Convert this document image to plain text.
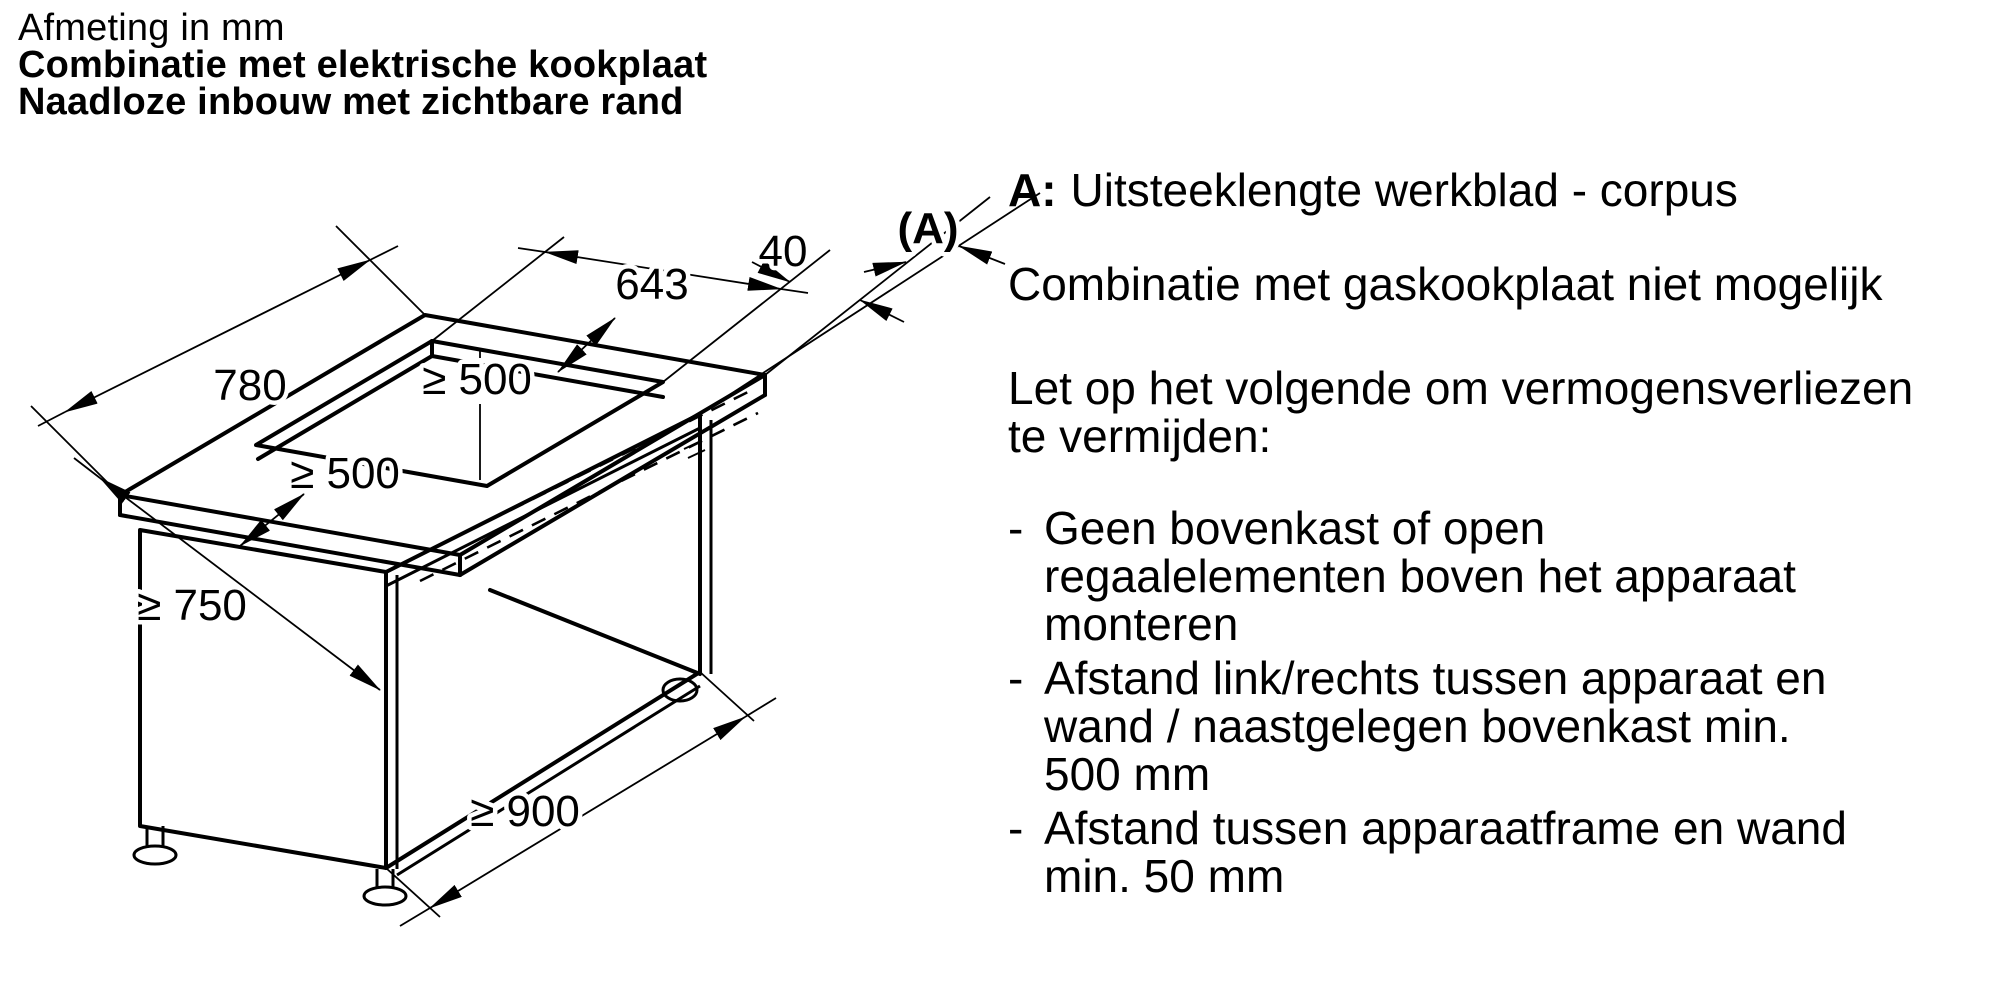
Afmeting in mm
Combinatie met elektrische kookplaat
Naadloze inbouw met zichtbare rand
780
643
40 (A)
≥ 500
≥ 500
≥ 750
≥ 900
A: Uitsteeklengte werkblad - corpus
Combinatie met gaskookplaat niet mogelijk
Let op het volgende om vermogensverliezen
te vermijden:
- Geen bovenkast of open
regaalelementen boven het apparaat
monteren
- Afstand link/rechts tussen apparaat en
wand / naastgelegen bovenkast min.
500 mm
- Afstand tussen apparaatframe en wand
min. 50 mm
